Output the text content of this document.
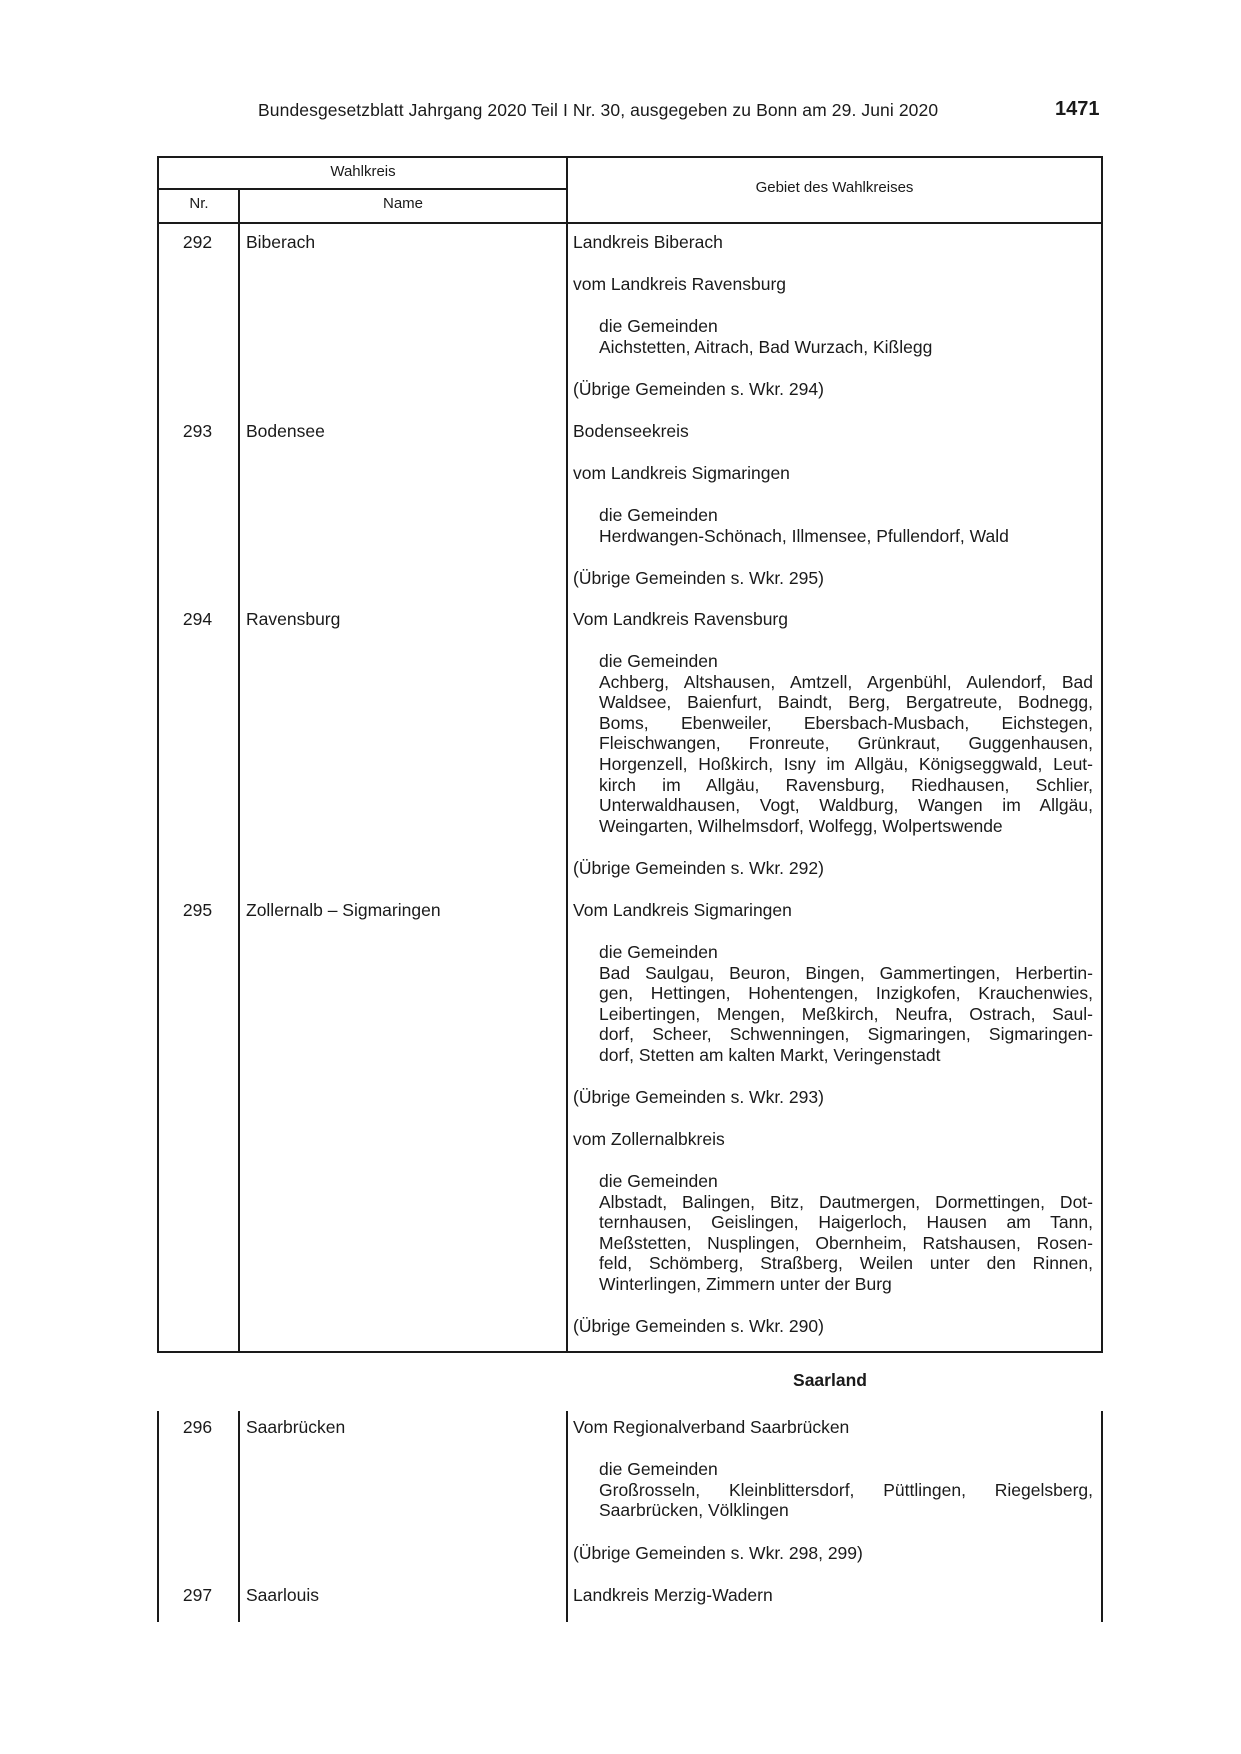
Bundesgesetzblatt Jahrgang 2020 Teil I Nr. 30, ausgegeben zu Bonn am 29. Juni 2020	1471
Wahlkreis
Nr.	Name
Gebiet des Wahlkreises
292	Biberach	Landkreis Biberach
vom Landkreis Ravensburg
die Gemeinden
Aichstetten, Aitrach, Bad Wurzach, Kißlegg
(Übrige Gemeinden s. Wkr. 294)
293	Bodensee	Bodenseekreis
vom Landkreis Sigmaringen
die Gemeinden
Herdwangen-Schönach, Illmensee, Pfullendorf, Wald
(Übrige Gemeinden s. Wkr. 295)
294	Ravensburg	Vom Landkreis Ravensburg
die Gemeinden
Achberg, Altshausen, Amtzell, Argenbühl, Aulendorf, Bad
Waldsee, Baienfurt, Baindt, Berg, Bergatreute, Bodnegg,
Boms, Ebenweiler, Ebersbach-Musbach, Eichstegen,
Fleischwangen, Fronreute, Grünkraut, Guggenhausen,
Horgenzell, Hoßkirch, Isny im Allgäu, Königseggwald, Leut-
kirch im Allgäu, Ravensburg, Riedhausen, Schlier,
Unterwaldhausen, Vogt, Waldburg, Wangen im Allgäu,
Weingarten, Wilhelmsdorf, Wolfegg, Wolpertswende
(Übrige Gemeinden s. Wkr. 292)
295	Zollernalb – Sigmaringen	Vom Landkreis Sigmaringen
die Gemeinden
Bad Saulgau, Beuron, Bingen, Gammertingen, Herbertin-
gen, Hettingen, Hohentengen, Inzigkofen, Krauchenwies,
Leibertingen, Mengen, Meßkirch, Neufra, Ostrach, Saul-
dorf, Scheer, Schwenningen, Sigmaringen, Sigmaringen-
dorf, Stetten am kalten Markt, Veringenstadt
(Übrige Gemeinden s. Wkr. 293)
vom Zollernalbkreis
die Gemeinden
Albstadt, Balingen, Bitz, Dautmergen, Dormettingen, Dot-
ternhausen, Geislingen, Haigerloch, Hausen am Tann,
Meßstetten, Nusplingen, Obernheim, Ratshausen, Rosen-
feld, Schömberg, Straßberg, Weilen unter den Rinnen,
Winterlingen, Zimmern unter der Burg
(Übrige Gemeinden s. Wkr. 290)
Saarland
296	Saarbrücken	Vom Regionalverband Saarbrücken
die Gemeinden
Großrosseln, Kleinblittersdorf, Püttlingen, Riegelsberg,
Saarbrücken, Völklingen
(Übrige Gemeinden s. Wkr. 298, 299)
297	Saarlouis	Landkreis Merzig-Wadern
